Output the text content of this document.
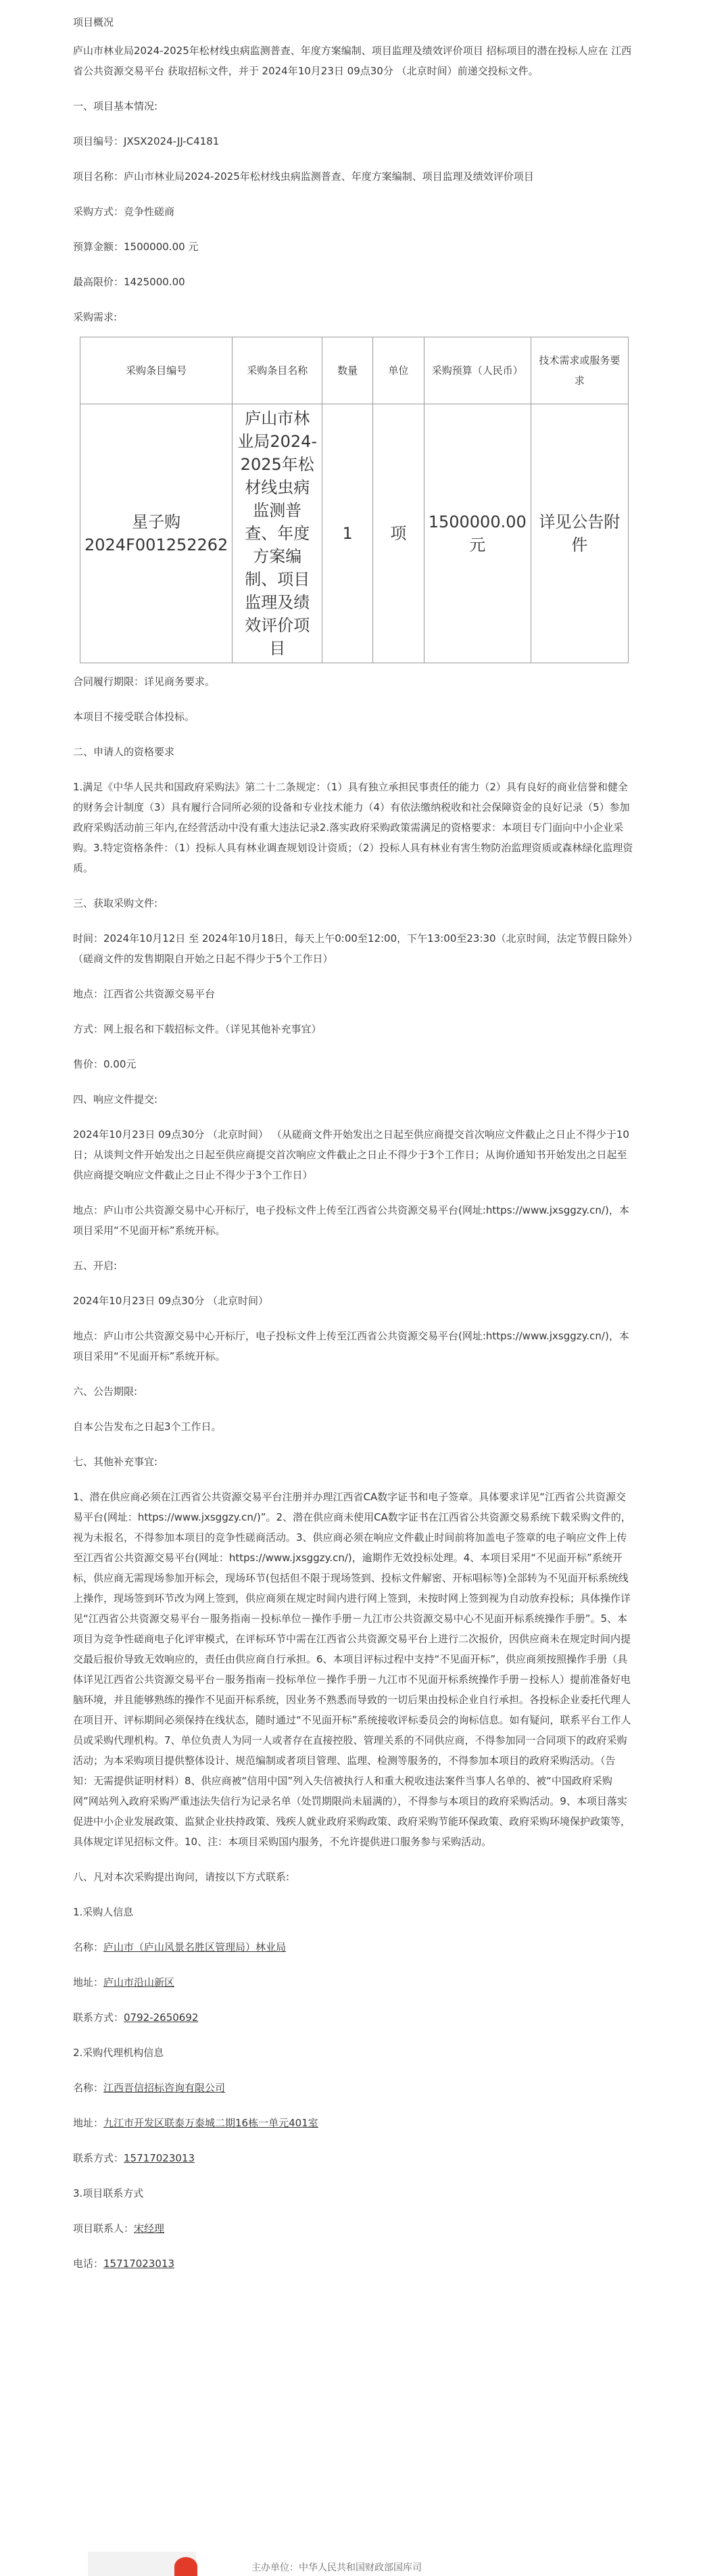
项目概况

庐山市林业局2024-2025年松材线虫病监测普查、年度方案编制、项目监理及绩效评价项目 招标项目的潜在投标人应在 江西省公共资源交易平台 获取招标文件，并于 2024年10月23日 09点30分 （北京时间）前递交投标文件。

一、项目基本情况:

项目编号：JXSX2024-JJ-C4181

项目名称：庐山市林业局2024-2025年松材线虫病监测普查、年度方案编制、项目监理及绩效评价项目

采购方式：竞争性磋商

预算金额：1500000.00 元

最高限价：1425000.00

采购需求:

采购条目编号	采购条目名称	数量	单位	采购预算（人民币）	技术需求或服务要求
星子购2024F001252262	庐山市林业局2024-2025年松材线虫病监测普查、年度方案编制、项目监理及绩效评价项目	1	项	1500000.00元	详见公告附件

合同履行期限：详见商务要求。

本项目不接受联合体投标。

二、申请人的资格要求

1.满足《中华人民共和国政府采购法》第二十二条规定：（1）具有独立承担民事责任的能力（2）具有良好的商业信誉和健全的财务会计制度（3）具有履行合同所必须的设备和专业技术能力（4）有依法缴纳税收和社会保障资金的良好记录（5）参加政府采购活动前三年内,在经营活动中没有重大违法记录2.落实政府采购政策需满足的资格要求：本项目专门面向中小企业采购。3.特定资格条件：（1）投标人具有林业调查规划设计资质；（2）投标人具有林业有害生物防治监理资质或森林绿化监理资质。

三、获取采购文件:

时间：2024年10月12日 至 2024年10月18日，每天上午0:00至12:00，下午13:00至23:30（北京时间，法定节假日除外）（磋商文件的发售期限自开始之日起不得少于5个工作日）

地点：江西省公共资源交易平台

方式：网上报名和下载招标文件。（详见其他补充事宜）

售价：0.00元

四、响应文件提交:

2024年10月23日 09点30分 （北京时间） （从磋商文件开始发出之日起至供应商提交首次响应文件截止之日止不得少于10日；从谈判文件开始发出之日起至供应商提交首次响应文件截止之日止不得少于3个工作日；从询价通知书开始发出之日起至供应商提交响应文件截止之日止不得少于3个工作日）

地点：庐山市公共资源交易中心开标厅，电子投标文件上传至江西省公共资源交易平台(网址:https://www.jxsggzy.cn/)，本项目采用“不见面开标”系统开标。

五、开启:

2024年10月23日 09点30分 （北京时间）

地点：庐山市公共资源交易中心开标厅，电子投标文件上传至江西省公共资源交易平台(网址:https://www.jxsggzy.cn/)，本项目采用“不见面开标”系统开标。

六、公告期限:

自本公告发布之日起3个工作日。

七、其他补充事宜:

1、潜在供应商必须在江西省公共资源交易平台注册并办理江西省CA数字证书和电子签章。具体要求详见“江西省公共资源交易平台(网址：https://www.jxsggzy.cn/)”。2、潜在供应商未使用CA数字证书在江西省公共资源交易系统下载采购文件的，视为未报名，不得参加本项目的竞争性磋商活动。3、供应商必须在响应文件截止时间前将加盖电子签章的电子响应文件上传至江西省公共资源交易平台(网址：https://www.jxsggzy.cn/)，逾期作无效投标处理。4、本项目采用“不见面开标”系统开标，供应商无需现场参加开标会，现场环节(包括但不限于现场签到、投标文件解密、开标唱标等)全部转为不见面开标系统线上操作，现场签到环节改为网上签到，供应商须在规定时间内进行网上签到，未按时网上签到视为自动放弃投标；具体操作详见“江西省公共资源交易平台－服务指南－投标单位－操作手册－九江市公共资源交易中心不见面开标系统操作手册”。5、本项目为竞争性磋商电子化评审模式，在评标环节中需在江西省公共资源交易平台上进行二次报价，因供应商未在规定时间内提交最后报价导致无效响应的，责任由供应商自行承担。6、本项目评标过程中支持“不见面开标”，供应商须按照操作手册（具体详见江西省公共资源交易平台－服务指南－投标单位－操作手册－九江市不见面开标系统操作手册－投标人）提前准备好电脑环境，并且能够熟练的操作不见面开标系统，因业务不熟悉而导致的一切后果由投标企业自行承担。各投标企业委托代理人在项目开、评标期间必须保持在线状态，随时通过“不见面开标”系统接收评标委员会的询标信息。如有疑问，联系平台工作人员或采购代理机构。7、单位负责人为同一人或者存在直接控股、管理关系的不同供应商，不得参加同一合同项下的政府采购活动；为本采购项目提供整体设计、规范编制或者项目管理、监理、检测等服务的，不得参加本项目的政府采购活动。（告知：无需提供证明材料）8、供应商被“信用中国”列入失信被执行人和重大税收违法案件当事人名单的、被“中国政府采购网”网站列入政府采购严重违法失信行为记录名单（处罚期限尚未届满的），不得参与本项目的政府采购活动。9、本项目落实促进中小企业发展政策、监狱企业扶持政策、残疾人就业政府采购政策、政府采购节能环保政策、政府采购环境保护政策等，具体规定详见招标文件。10、注：本项目采购国内服务，不允许提供进口服务参与采购活动。

八、凡对本次采购提出询问，请按以下方式联系:

1.采购人信息

名称：庐山市（庐山风景名胜区管理局）林业局

地址：庐山市沿山新区

联系方式：0792-2650692

2.采购代理机构信息

名称：江西晋信招标咨询有限公司

地址：九江市开发区联泰万泰城二期16栋一单元401室

联系方式：15717023013

3.项目联系方式

项目联系人：宋经理

电话：15717023013

主办单位：中华人民共和国财政部国库司
